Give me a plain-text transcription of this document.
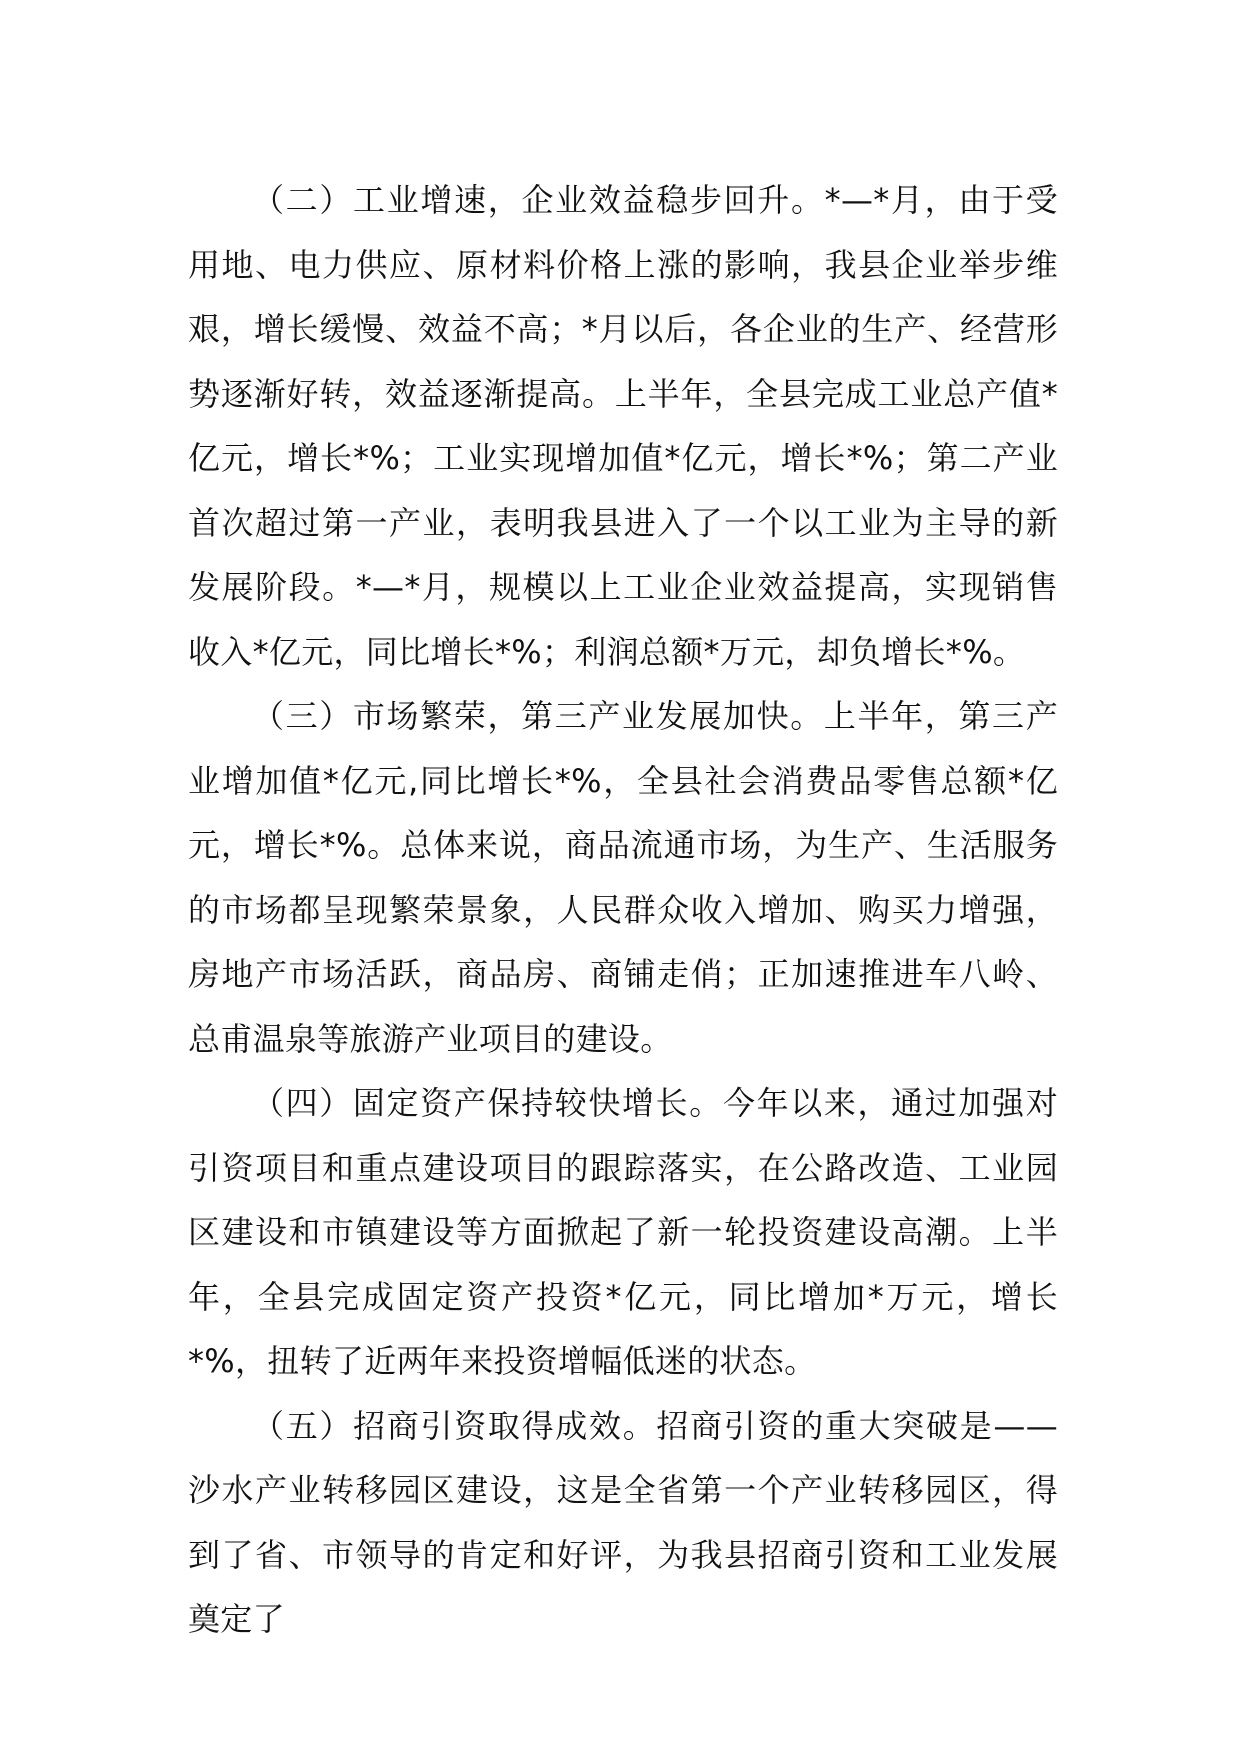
（二）工业增速，企业效益稳步回升。*—*月，由于受用地、电力供应、原材料价格上涨的影响，我县企业举步维艰，增长缓慢、效益不高；*月以后，各企业的生产、经营形势逐渐好转，效益逐渐提高。上半年，全县完成工业总产值*亿元，增长*%；工业实现增加值*亿元，增长*%；第二产业首次超过第一产业，表明我县进入了一个以工业为主导的新发展阶段。*—*月，规模以上工业企业效益提高，实现销售收入*亿元，同比增长*%；利润总额*万元，却负增长*%。

（三）市场繁荣，第三产业发展加快。上半年，第三产业增加值*亿元,同比增长*%，全县社会消费品零售总额*亿元，增长*%。总体来说，商品流通市场，为生产、生活服务的市场都呈现繁荣景象，人民群众收入增加、购买力增强，房地产市场活跃，商品房、商铺走俏；正加速推进车八岭、总甫温泉等旅游产业项目的建设。

（四）固定资产保持较快增长。今年以来，通过加强对引资项目和重点建设项目的跟踪落实，在公路改造、工业园区建设和市镇建设等方面掀起了新一轮投资建设高潮。上半年，全县完成固定资产投资*亿元，同比增加*万元，增长*%，扭转了近两年来投资增幅低迷的状态。

（五）招商引资取得成效。招商引资的重大突破是——沙水产业转移园区建设，这是全省第一个产业转移园区，得到了省、市领导的肯定和好评，为我县招商引资和工业发展奠定了
